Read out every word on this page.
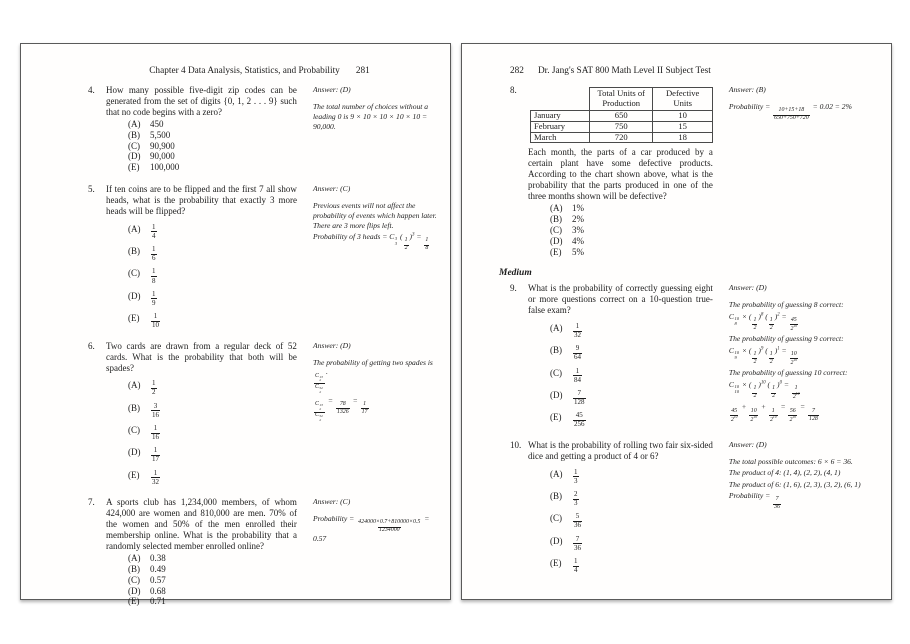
Chapter 4 Data Analysis, Statistics, and Probability 281
4.	How many possible five-digit zip codes can be generated from the set of digits {0, 1, 2 . . . 9} such that no code begins with a zero?
(A)	450
(B)	5,500
(C)	90,900
(D)	90,000
(E)	100,000
Answer: (D)
The total number of choices without a leading 0 is 9 × 10 × 10 × 10 × 10 = 90,000.
5.	If ten coins are to be flipped and the first 7 all show heads, what is the probability that exactly 3 more heads will be flipped?
(A)	$\frac{1}{4}$
(B)	$\frac{1}{6}$
(C)	$\frac{1}{8}$
(D)	$\frac{1}{9}$
(E)	$\frac{1}{10}$
Answer: (C)
Previous events will not affect the probability of events which happen later. There are 3 more flips left.
Probability of 3 heads = C 3
3
(
$\frac{1}{2}$
)$^3$ =
$\frac{1}{8}$
6.	Two cards are drawn from a regular deck of 52 cards. What is the probability that both will be spades?
(A)	$\frac{1}{2}$
(B)	$\frac{3}{16}$
(C)	$\frac{1}{16}$
(D)	$\frac{1}{17}$
(E)	$\frac{1}{32}$
Answer: (D)
The probability of getting two spades is
C 13
2
C 52
2
.
C 13
2
C 52
2
=
$\frac{78}{1326}$
=
$\frac{1}{17}$
7.	A sports club has 1,234,000 members, of whom 424,000 are women and 810,000 are men. 70% of the women and 50% of the men enrolled their membership online. What is the probability that a randomly selected member enrolled online?
(A)	0.38
(B)	0.49
(C)	0.57
(D)	0.68
(E)	0.71
Answer: (C)
Probability =
$\frac{424000\times 0.7+810000\times 0.5}{1234000}$
= 0.57
282 Dr. Jang's SAT 800 Math Level II Subject Test
8.
		Total Units of Production	Defective Units
January	650	10
February	750	15
March	720	18
Each month, the parts of a car produced by a certain plant have some defective products. According to the chart shown above, what is the probability that the parts produced in one of the three months shown will be defective?
(A)	1%
(B)	2%
(C)	3%
(D)	4%
(E)	5%
Answer: (B)
Probability =
$\frac{10+15+18}{650+750+720}$
= 0.02 = 2%
Medium
9.	What is the probability of correctly guessing eight or more questions correct on a 10-question true-false exam?
(A)	$\frac{1}{32}$
(B)	$\frac{9}{64}$
(C)	$\frac{1}{84}$
(D)	$\frac{7}{128}$
(E)	$\frac{45}{256}$
Answer: (D)
The probability of guessing 8 correct:
C 10
8
× (
$\frac{1}{2}$
)$^8$ (
$\frac{1}{2}$
)$^2$ =
$\frac{45}{2^{10}}$
The probability of guessing 9 correct:
C 10
9
× (
$\frac{1}{2}$
)$^9$ (
$\frac{1}{2}$
)$^1$ =
$\frac{10}{2^{10}}$
The probability of guessing 10 correct:
C 10
10
× (
$\frac{1}{2}$
)$^{10}$ (
$\frac{1}{2}$
)$^0$ =
$\frac{1}{2^{10}}$
$\frac{45}{2^{10}}$
+
$\frac{10}{2^{10}}$
+
$\frac{1}{2^{10}}$
=
$\frac{56}{2^{10}}$
=
$\frac{7}{128}$
10. What is the probability of rolling two fair six-sided dice and getting a product of 4 or 6?
(A)	$\frac{1}{3}$
(B)	$\frac{2}{3}$
(C)	$\frac{5}{36}$
(D)	$\frac{7}{36}$
(E)	$\frac{1}{4}$
Answer: (D)
The total possible outcomes: 6 × 6 = 36.
The product of 4: (1, 4), (2, 2), (4, 1)
The product of 6: (1, 6), (2, 3), (3, 2), (6, 1)
Probability =
$\frac{7}{36}$
